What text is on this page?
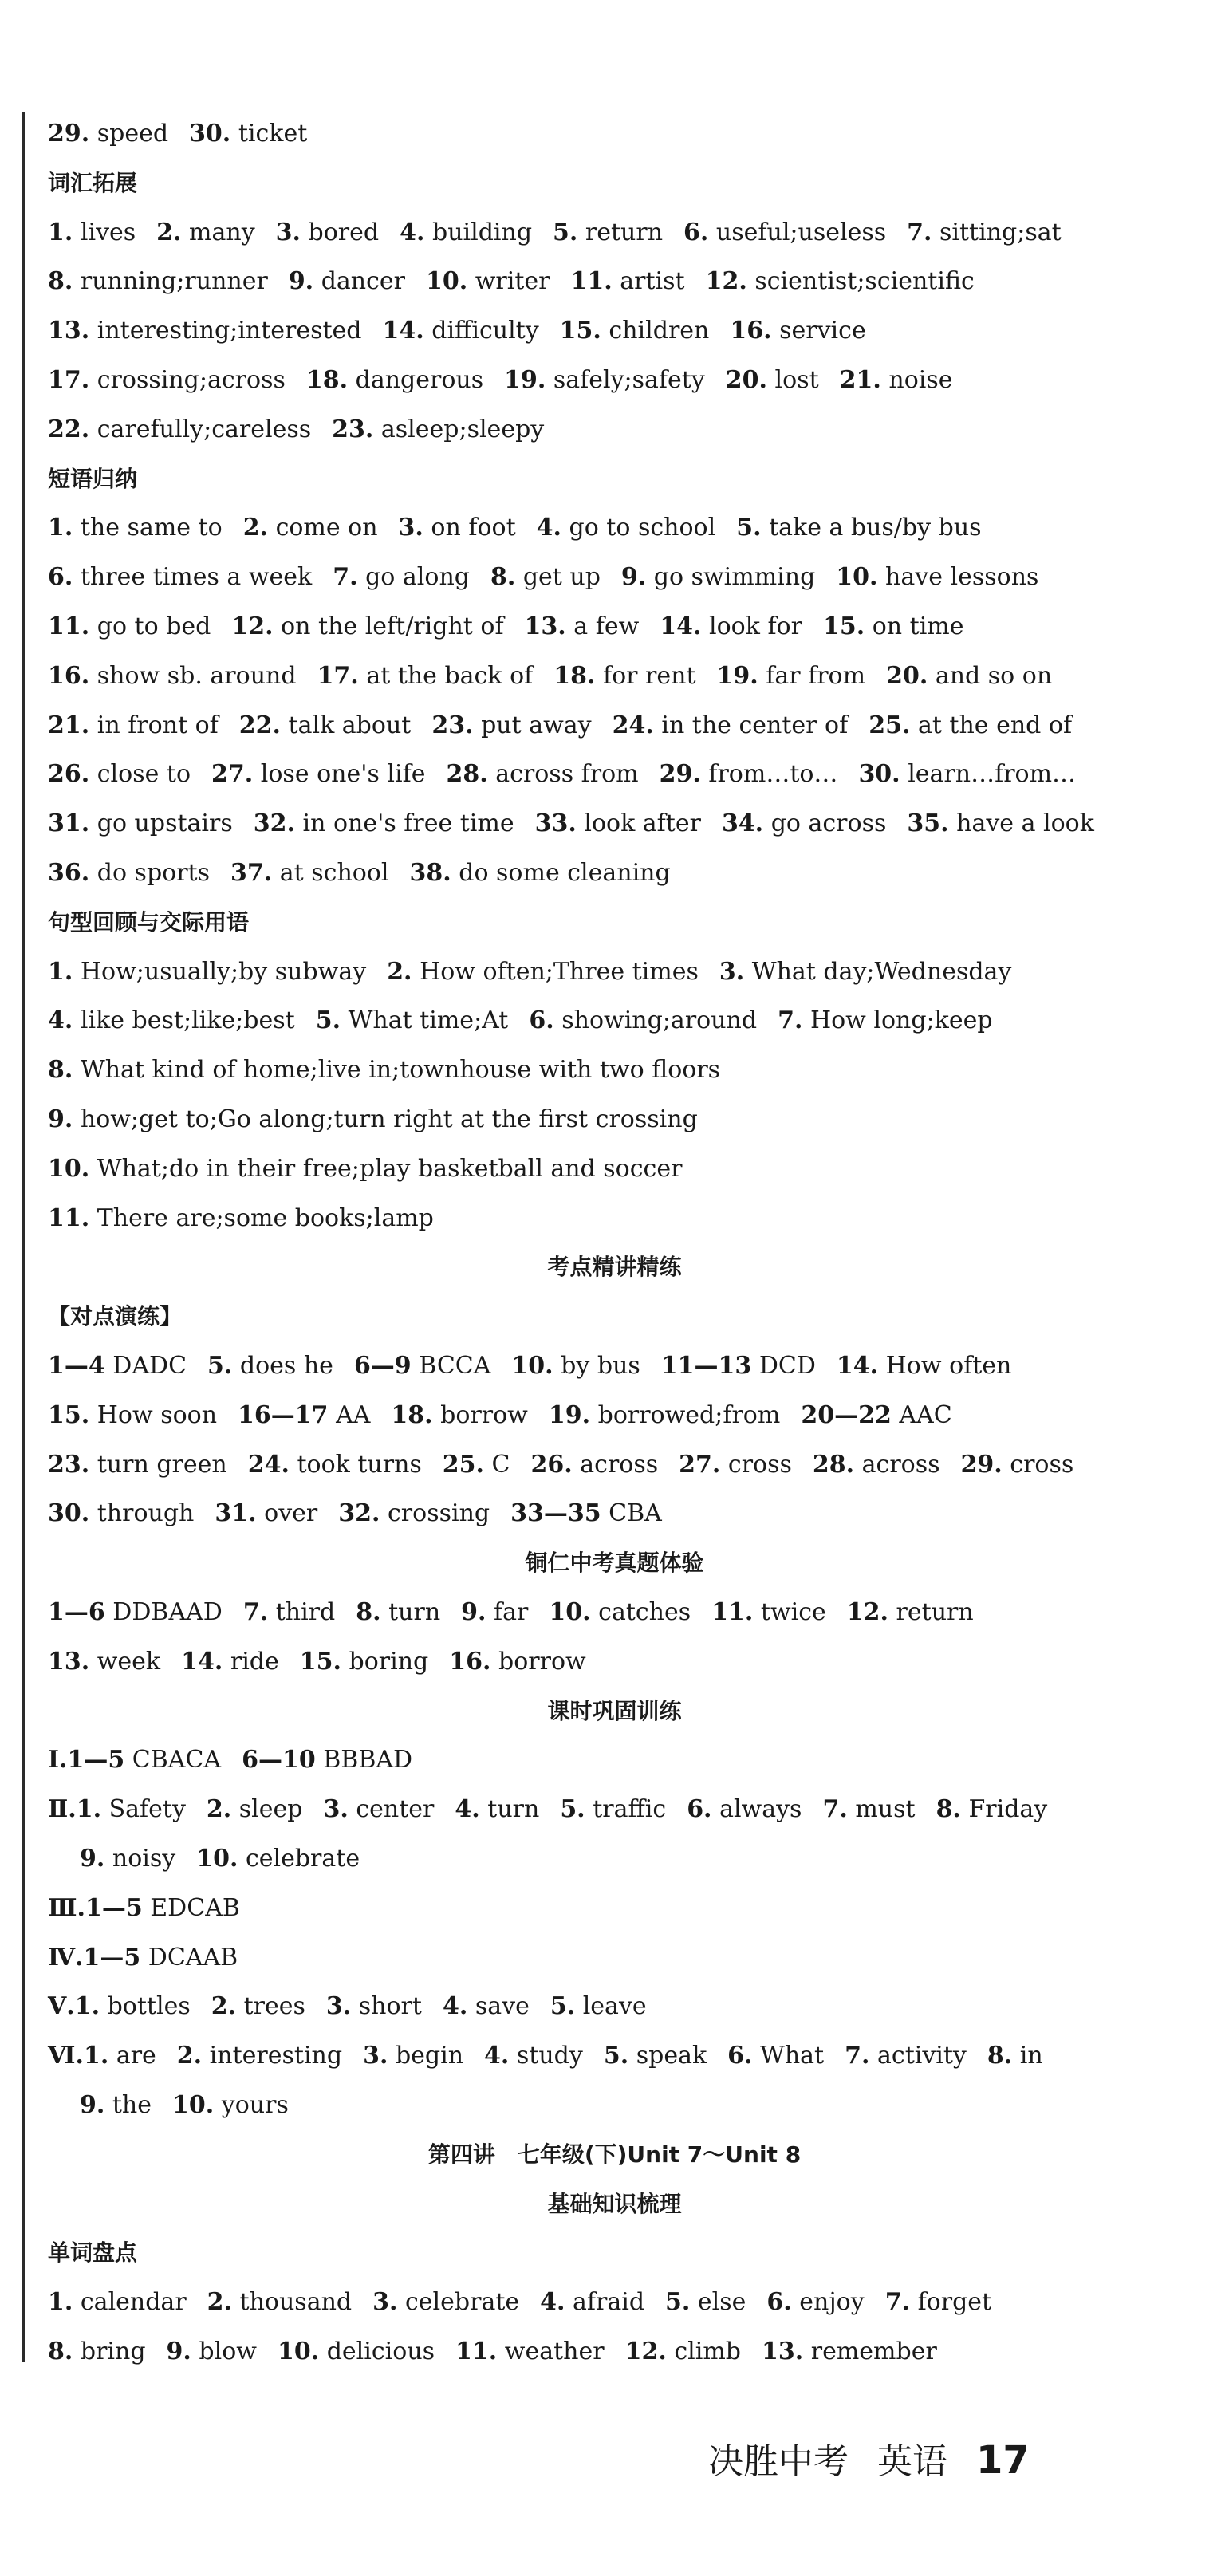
29. speed 30. ticket
词汇拓展
1. lives 2. many 3. bored 4. building 5. return 6. useful;useless 7. sitting;sat
8. running;runner 9. dancer 10. writer 11. artist 12. scientist;scientific
13. interesting;interested 14. difficulty 15. children 16. service
17. crossing;across 18. dangerous 19. safely;safety 20. lost 21. noise
22. carefully;careless 23. asleep;sleepy
短语归纳
1. the same to 2. come on 3. on foot 4. go to school 5. take a bus/by bus
6. three times a week 7. go along 8. get up 9. go swimming 10. have lessons
11. go to bed 12. on the left/right of 13. a few 14. look for 15. on time
16. show sb. around 17. at the back of 18. for rent 19. far from 20. and so on
21. in front of 22. talk about 23. put away 24. in the center of 25. at the end of
26. close to 27. lose one's life 28. across from 29. from…to… 30. learn…from…
31. go upstairs 32. in one's free time 33. look after 34. go across 35. have a look
36. do sports 37. at school 38. do some cleaning
句型回顾与交际用语
1. How;usually;by subway 2. How often;Three times 3. What day;Wednesday
4. like best;like;best 5. What time;At 6. showing;around 7. How long;keep
8. What kind of home;live in;townhouse with two floors
9. how;get to;Go along;turn right at the first crossing
10. What;do in their free;play basketball and soccer
11. There are;some books;lamp
考点精讲精练
【对点演练】
1—4 DADC 5. does he 6—9 BCCA 10. by bus 11—13 DCD 14. How often
15. How soon 16—17 AA 18. borrow 19. borrowed;from 20—22 AAC
23. turn green 24. took turns 25. C 26. across 27. cross 28. across 29. cross
30. through 31. over 32. crossing 33—35 CBA
铜仁中考真题体验
1—6 DDBAAD 7. third 8. turn 9. far 10. catches 11. twice 12. return
13. week 14. ride 15. boring 16. borrow
课时巩固训练
Ⅰ.1—5 CBACA 6—10 BBBAD
Ⅱ.1. Safety 2. sleep 3. center 4. turn 5. traffic 6. always 7. must 8. Friday
9. noisy 10. celebrate
Ⅲ.1—5 EDCAB
Ⅳ.1—5 DCAAB
Ⅴ.1. bottles 2. trees 3. short 4. save 5. leave
Ⅵ.1. are 2. interesting 3. begin 4. study 5. speak 6. What 7. activity 8. in
9. the 10. yours
第四讲　七年级(下)Unit 7～Unit 8
基础知识梳理
单词盘点
1. calendar 2. thousand 3. celebrate 4. afraid 5. else 6. enjoy 7. forget
8. bring 9. blow 10. delicious 11. weather 12. climb 13. remember
决胜中考 英语 17
